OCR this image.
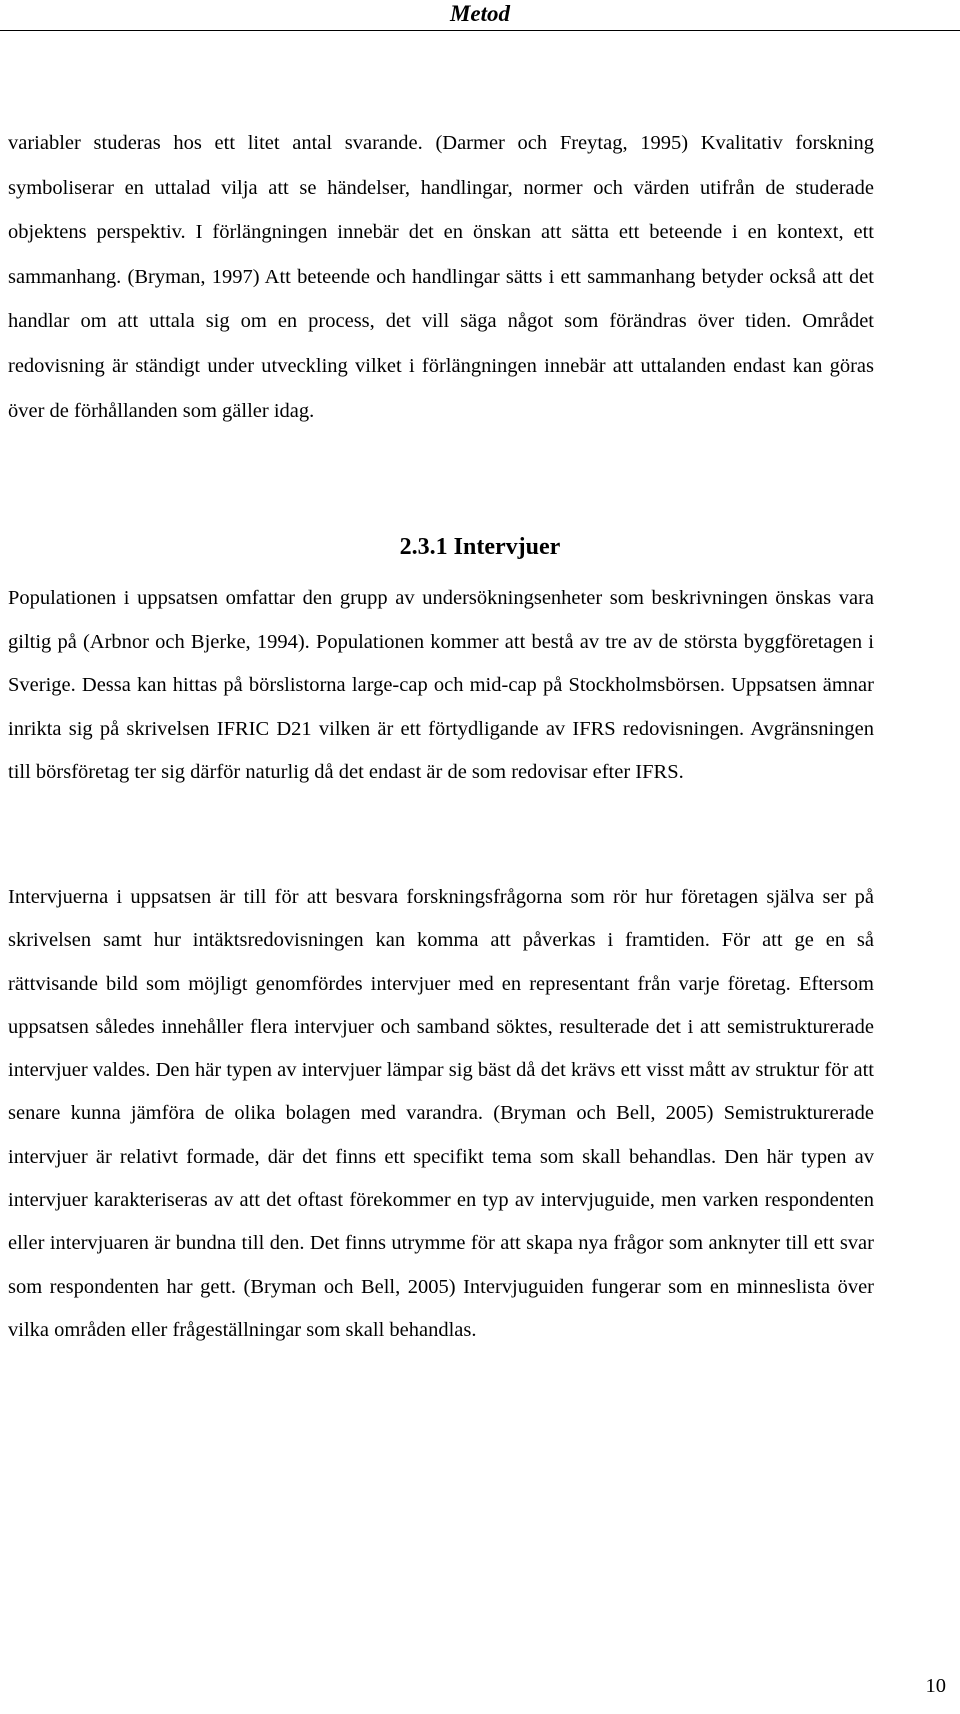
Metod

variabler studeras hos ett litet antal svarande. (Darmer och Freytag, 1995) Kvalitativ forskning symboliserar en uttalad vilja att se händelser, handlingar, normer och värden utifrån de studerade objektens perspektiv. I förlängningen innebär det en önskan att sätta ett beteende i en kontext, ett sammanhang. (Bryman, 1997) Att beteende och handlingar sätts i ett sammanhang betyder också att det handlar om att uttala sig om en process, det vill säga något som förändras över tiden. Området redovisning är ständigt under utveckling vilket i förlängningen innebär att uttalanden endast kan göras över de förhållanden som gäller idag.

2.3.1 Intervjuer

Populationen i uppsatsen omfattar den grupp av undersökningsenheter som beskrivningen önskas vara giltig på (Arbnor och Bjerke, 1994). Populationen kommer att bestå av tre av de största byggföretagen i Sverige. Dessa kan hittas på börslistorna large-cap och mid-cap på Stockholmsbörsen. Uppsatsen ämnar inrikta sig på skrivelsen IFRIC D21 vilken är ett förtydligande av IFRS redovisningen. Avgränsningen till börsföretag ter sig därför naturlig då det endast är de som redovisar efter IFRS.

Intervjuerna i uppsatsen är till för att besvara forskningsfrågorna som rör hur företagen själva ser på skrivelsen samt hur intäktsredovisningen kan komma att påverkas i framtiden. För att ge en så rättvisande bild som möjligt genomfördes intervjuer med en representant från varje företag. Eftersom uppsatsen således innehåller flera intervjuer och samband söktes, resulterade det i att semistrukturerade intervjuer valdes. Den här typen av intervjuer lämpar sig bäst då det krävs ett visst mått av struktur för att senare kunna jämföra de olika bolagen med varandra. (Bryman och Bell, 2005) Semistrukturerade intervjuer är relativt formade, där det finns ett specifikt tema som skall behandlas. Den här typen av intervjuer karakteriseras av att det oftast förekommer en typ av intervjuguide, men varken respondenten eller intervjuaren är bundna till den. Det finns utrymme för att skapa nya frågor som anknyter till ett svar som respondenten har gett. (Bryman och Bell, 2005) Intervjuguiden fungerar som en minneslista över vilka områden eller frågeställningar som skall behandlas.

10
